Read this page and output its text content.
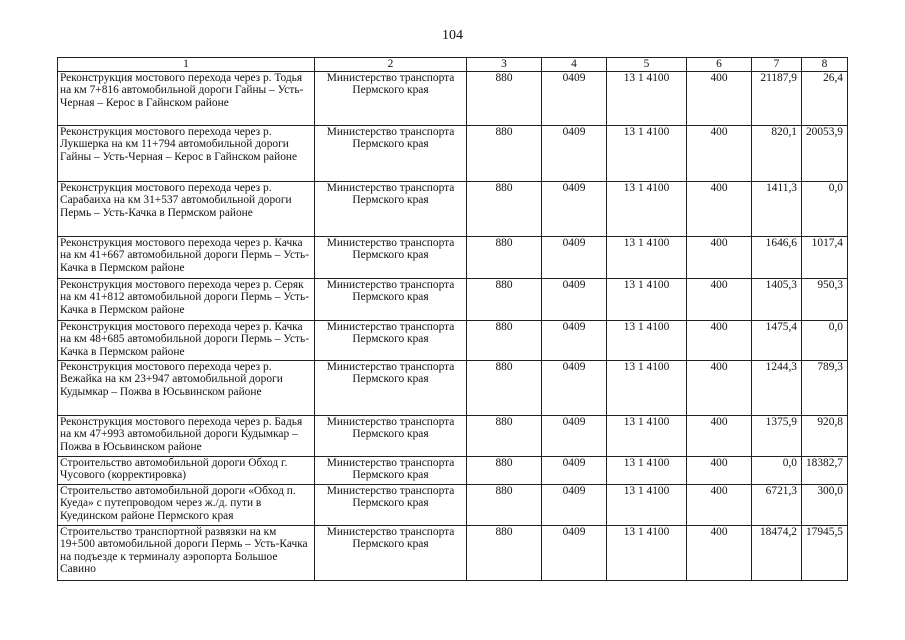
104
1	2	3	4	5	6	7	8
Реконструкция мостового перехода через р. Тодья на км 7+816 автомобильной дороги Гайны – Усть-Черная – Керос в Гайнском районе	Министерство транспорта Пермского края	880	0409	13 1 4100	400	21187,9	26,4
Реконструкция мостового перехода через р. Лукшерка на км 11+794 автомобильной дороги Гайны – Усть-Черная – Керос в Гайнском районе	Министерство транспорта Пермского края	880	0409	13 1 4100	400	820,1	20053,9
Реконструкция мостового перехода через р. Сарабаиха на км 31+537 автомобильной дороги Пермь – Усть-Качка в Пермском районе	Министерство транспорта Пермского края	880	0409	13 1 4100	400	1411,3	0,0
Реконструкция мостового перехода через р. Качка на км 41+667 автомобильной дороги Пермь – Усть-Качка в Пермском районе	Министерство транспорта Пермского края	880	0409	13 1 4100	400	1646,6	1017,4
Реконструкция мостового перехода через р. Серяк на км 41+812 автомобильной дороги Пермь – Усть-Качка в Пермском районе	Министерство транспорта Пермского края	880	0409	13 1 4100	400	1405,3	950,3
Реконструкция мостового перехода через р. Качка на км 48+685 автомобильной дороги Пермь – Усть-Качка в Пермском районе	Министерство транспорта Пермского края	880	0409	13 1 4100	400	1475,4	0,0
Реконструкция мостового перехода через р. Вежайка на км 23+947 автомобильной дороги Кудымкар – Пожва в Юсьвинском районе	Министерство транспорта Пермского края	880	0409	13 1 4100	400	1244,3	789,3
Реконструкция мостового перехода через р. Бадья на км 47+993 автомобильной дороги Кудымкар – Пожва в Юсьвинском районе	Министерство транспорта Пермского края	880	0409	13 1 4100	400	1375,9	920,8
Строительство автомобильной дороги Обход г. Чусового (корректировка)	Министерство транспорта Пермского края	880	0409	13 1 4100	400	0,0	18382,7
Строительство автомобильной дороги «Обход п. Куеда» с путепроводом через ж./д. пути в Куединском районе Пермского края	Министерство транспорта Пермского края	880	0409	13 1 4100	400	6721,3	300,0
Строительство транспортной развязки на км 19+500 автомобильной дороги Пермь – Усть-Качка на подъезде к терминалу аэропорта Большое Савино	Министерство транспорта Пермского края	880	0409	13 1 4100	400	18474,2	17945,5
